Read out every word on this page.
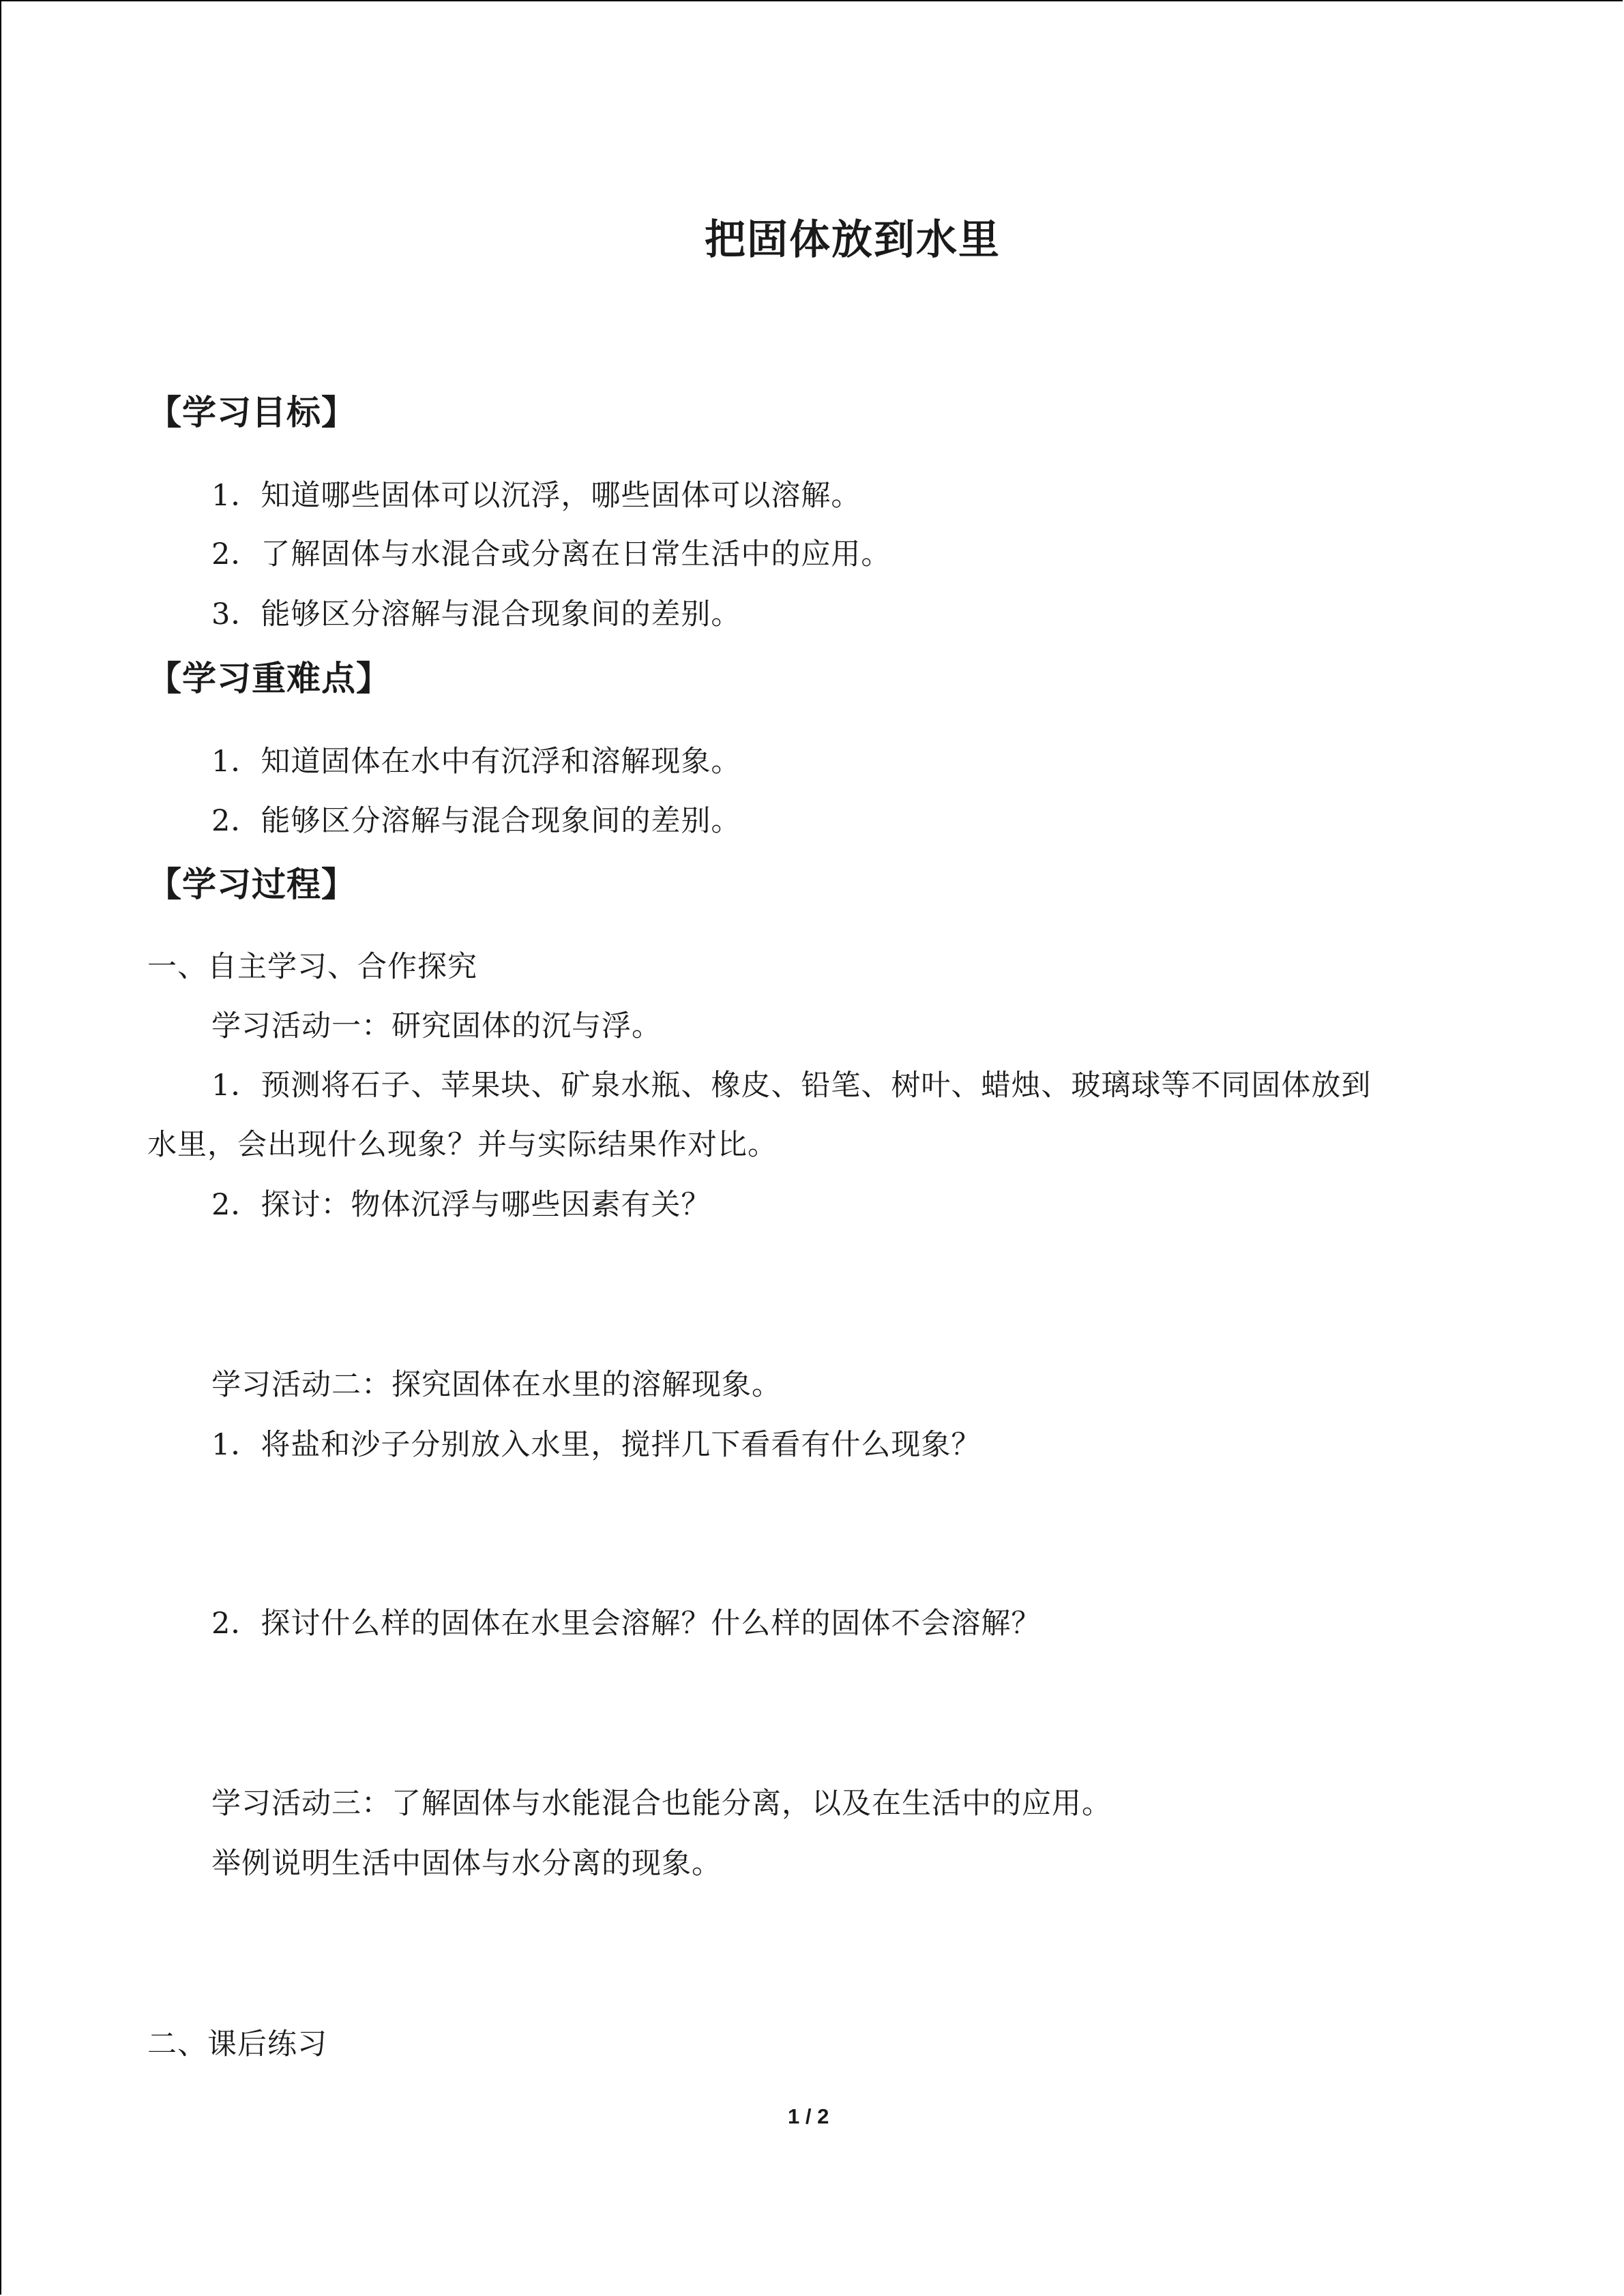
把固体放到水里
【学习目标】
1．知道哪些固体可以沉浮，哪些固体可以溶解。
2．了解固体与水混合或分离在日常生活中的应用。
3．能够区分溶解与混合现象间的差别。
【学习重难点】
1．知道固体在水中有沉浮和溶解现象。
2．能够区分溶解与混合现象间的差别。
【学习过程】
一、自主学习、合作探究
学习活动一：研究固体的沉与浮。
1．预测将石子、苹果块、矿泉水瓶、橡皮、铅笔、树叶、蜡烛、玻璃球等不同固体放到
水里，会出现什么现象？并与实际结果作对比。
2．探讨：物体沉浮与哪些因素有关？
学习活动二：探究固体在水里的溶解现象。
1．将盐和沙子分别放入水里，搅拌几下看看有什么现象？
2．探讨什么样的固体在水里会溶解？什么样的固体不会溶解？
学习活动三：了解固体与水能混合也能分离，以及在生活中的应用。
举例说明生活中固体与水分离的现象。
二、课后练习
1 / 2
